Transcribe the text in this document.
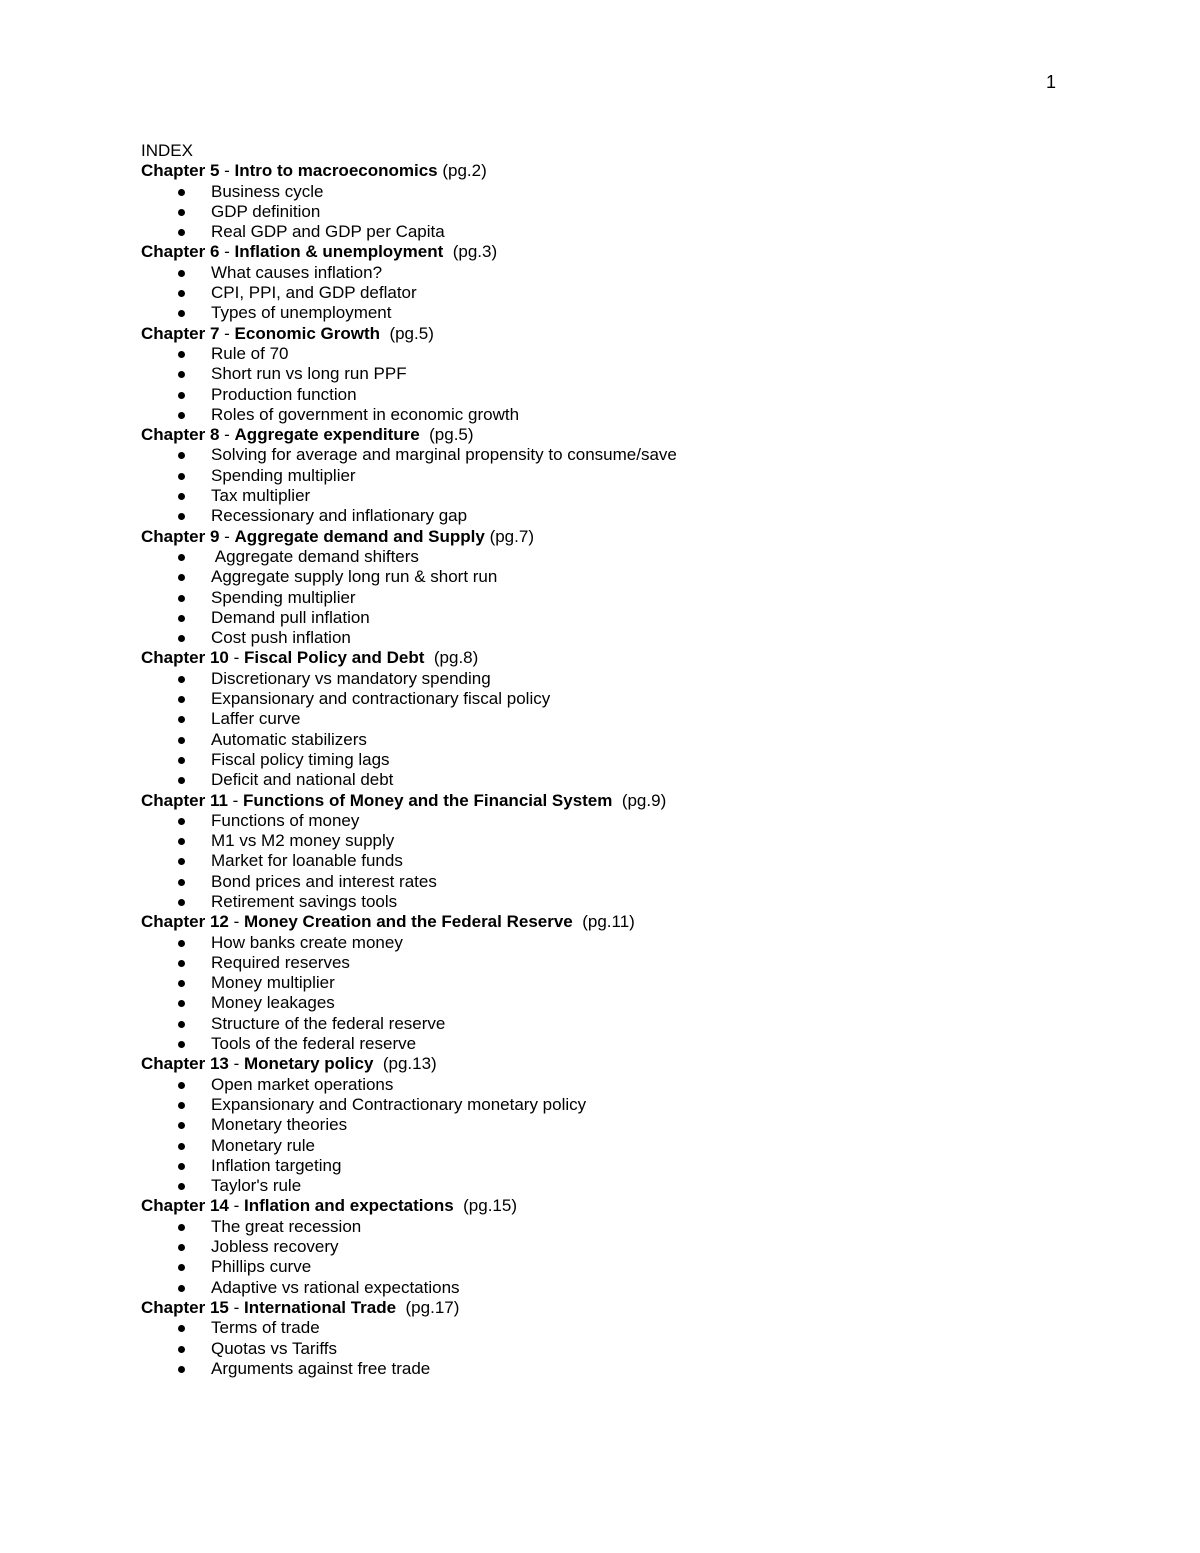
1
INDEX
Chapter 5 - Intro to macroeconomics (pg.2)
Business cycle
GDP definition
Real GDP and GDP per Capita
Chapter 6 - Inflation & unemployment  (pg.3)
What causes inflation?
CPI, PPI, and GDP deflator
Types of unemployment
Chapter 7 - Economic Growth  (pg.5)
Rule of 70
Short run vs long run PPF
Production function
Roles of government in economic growth
Chapter 8 - Aggregate expenditure  (pg.5)
Solving for average and marginal propensity to consume/save
Spending multiplier
Tax multiplier
Recessionary and inflationary gap
Chapter 9 - Aggregate demand and Supply (pg.7)
Aggregate demand shifters
Aggregate supply long run & short run
Spending multiplier
Demand pull inflation
Cost push inflation
Chapter 10 - Fiscal Policy and Debt  (pg.8)
Discretionary vs mandatory spending
Expansionary and contractionary fiscal policy
Laffer curve
Automatic stabilizers
Fiscal policy timing lags
Deficit and national debt
Chapter 11 - Functions of Money and the Financial System  (pg.9)
Functions of money
M1 vs M2 money supply
Market for loanable funds
Bond prices and interest rates
Retirement savings tools
Chapter 12 - Money Creation and the Federal Reserve  (pg.11)
How banks create money
Required reserves
Money multiplier
Money leakages
Structure of the federal reserve
Tools of the federal reserve
Chapter 13 - Monetary policy  (pg.13)
Open market operations
Expansionary and Contractionary monetary policy
Monetary theories
Monetary rule
Inflation targeting
Taylor's rule
Chapter 14 - Inflation and expectations  (pg.15)
The great recession
Jobless recovery
Phillips curve
Adaptive vs rational expectations
Chapter 15 - International Trade  (pg.17)
Terms of trade
Quotas vs Tariffs
Arguments against free trade
